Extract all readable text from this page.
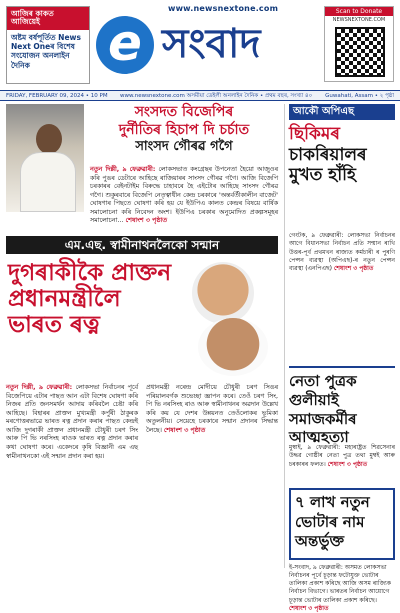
আজিৰ কাকত আজিয়েই
অষ্টম বৰ্ষপূৰ্তিত News Next Oneৰ বিশেষ সংযোজন অনলাইন দৈনিক	e সংবাদ
www.newsnextone.com	Scan to Donate
NEWSNEXTONE.COM
FRIDAY, FEBRUARY 09, 2024 • 10 PM www.newsnextone.com অসমীয়া ডেইলী অনলাইন দৈনিক • প্ৰথম বছৰ, সংখ্যা ৪০ Guwahati, Assam • ২ পৃষ্ঠা
সংসদত বিজেপিৰ
দুৰ্নীতিৰ হিচাপ দি চৰ্চাত
সাংসদ গৌৰৱ গগৈ
নতুন দিল্লী, ৯ ফেব্ৰুৱাৰী: লোকসভাত কংগ্ৰেছৰ উপনেতা হৈয়ো আজুওৰ কৰি পুঙৰ ডেটাৰে আহিছে ৰাজিয়াৰৰ সাংসদ গৌৰৱ গগৈ। আজি বিজেপি চৰকাৰৰ বেইনটাইম বিৰুদ্ধে চাহাবৰে হৈ এইটোৰ আহিছে সাংসদ গৌৰৱ গগৈ। শুকুৰবাৰে বিজেপি নেতৃত্বাধীন কেন্দ্ৰ চৰকাৰে 'অন্তৰ্বৰ্তীকালীন বাজেট' ঘোষণাৰ পিছতে ঘোষণা কৰি হয় যে ইউপিএ কালত কেন্দ্ৰৰ বিষয়ে বাৰ্ষিক সমালোচনা কৰি নিবেদন অংশ। ইউপিএ চৰকাৰ অনুমোদিত প্ৰকল্পসমূহৰ সমালোচনা... শেষাংশ ৩ পৃষ্ঠাত
এম.এছ. স্বামীনাথনলৈকো সন্মান
দুগৰাকীকৈ প্ৰাক্তন প্ৰধানমন্ত্ৰীলৈ ভাৰত ৰত্ন
নতুন দিল্লী, ৯ ফেব্ৰুৱাৰী: লোকসভা নিৰ্বাচনৰ পূৰ্বে বিজেপিয়ে এটাৰ পাছত আন এটা বিশেষ ঘোষণা কৰি নিজৰ প্ৰতি জনসমৰ্থন আদায় কৰিবলৈ চেষ্টা কৰি আহিছে। বিহাৰৰ প্ৰাক্তন মুখ্যমন্ত্ৰী কৰ্পুৰী ঠাকুৰক মৰণোত্তৰভাৱে ভাৰত ৰত্ন প্ৰদান কৰাৰ পাছত কেন্দ্ৰই আজি দুগৰাকী প্ৰাক্তন প্ৰধানমন্ত্ৰী চৌধুৰী চৰণ সিং আৰু পি ভি নৰসিংহ ৰাওক ভাৰত ৰত্ন প্ৰদান কৰাৰ কথা ঘোষণা কৰে। একেদৰে কৃষি বিজ্ঞানী এম এছ স্বামীনাথনকো এই সন্মান প্ৰদান কৰা হয়।
প্ৰধানমন্ত্ৰী নৰেন্দ্ৰ মোদীয়ে চৌধুৰী চৰণ সিঙৰ পৰিয়ালবৰ্গক শুভেচ্ছা জ্ঞাপন কৰে। তেওঁ চৰণ সিং, পি ভি নৰসিংহ ৰাও আৰু স্বামীনাথনৰ অৱদান উল্লেখ কৰি কয় যে দেশৰ উন্নয়নত তেওঁলোকৰ ভূমিকা অতুলনীয়। সেয়েহে চৰকাৰে সন্মান প্ৰদানৰ সিদ্ধান্ত লৈছে। শেষাংশ ৩ পৃষ্ঠাত
আকৌ অপিএছ
ছিকিমৰ
চাকৰিয়ালৰ মুখত হাঁহি
গেংটক, ৯ ফেব্ৰুৱাৰী: লোকসভা নিৰ্বাচনৰ আগে বিধানসভা নিৰ্বাচন প্ৰতি সন্মান ৰাখি উত্তৰ-পূৰ্ব প্ৰথমখন ৰাজ্যত কৰ্মচাৰী ৰ পুৰণি পেন্সন ব্যৱস্থা (অপিএছ)-ৰ নতুন পেন্সন ব্যৱস্থা (এনপিএছ) শেষাংশ ৩ পৃষ্ঠাত
নেতা পুত্ৰক গুলীয়াই সমাজকৰ্মীৰ আত্মহত্যা
মুম্বাই, ৯ ফেব্ৰুৱাৰী: মহাৰাষ্ট্ৰত শিৱসেনাৰ উদ্ধৱ গোষ্ঠীৰ নেতা পুত্ৰ তথা মুম্বই আৰু চৰকাৰৰ ফলত। শেষাংশ ৩ পৃষ্ঠাত
৭ লাখ নতুন ভোটাৰ নাম অন্তৰ্ভুক্ত
ই-সংবাদ, ৯ ফেব্ৰুৱাৰী: অসমত লোকসভা নিৰ্বাচনৰ পূৰ্বে চূড়ান্ত ফটোযুক্ত ভোটাৰ তালিকা প্ৰকাশ কৰিছে আজি অসম ৰাজ্যিক নিৰ্বাচন বিভাগে। ভাৰতৰ নিৰ্বাচন আয়োগে চূড়ান্ত ভোটাৰ তালিকা প্ৰকাশ কৰিছে। শেষাংশ ৩ পৃষ্ঠাত
